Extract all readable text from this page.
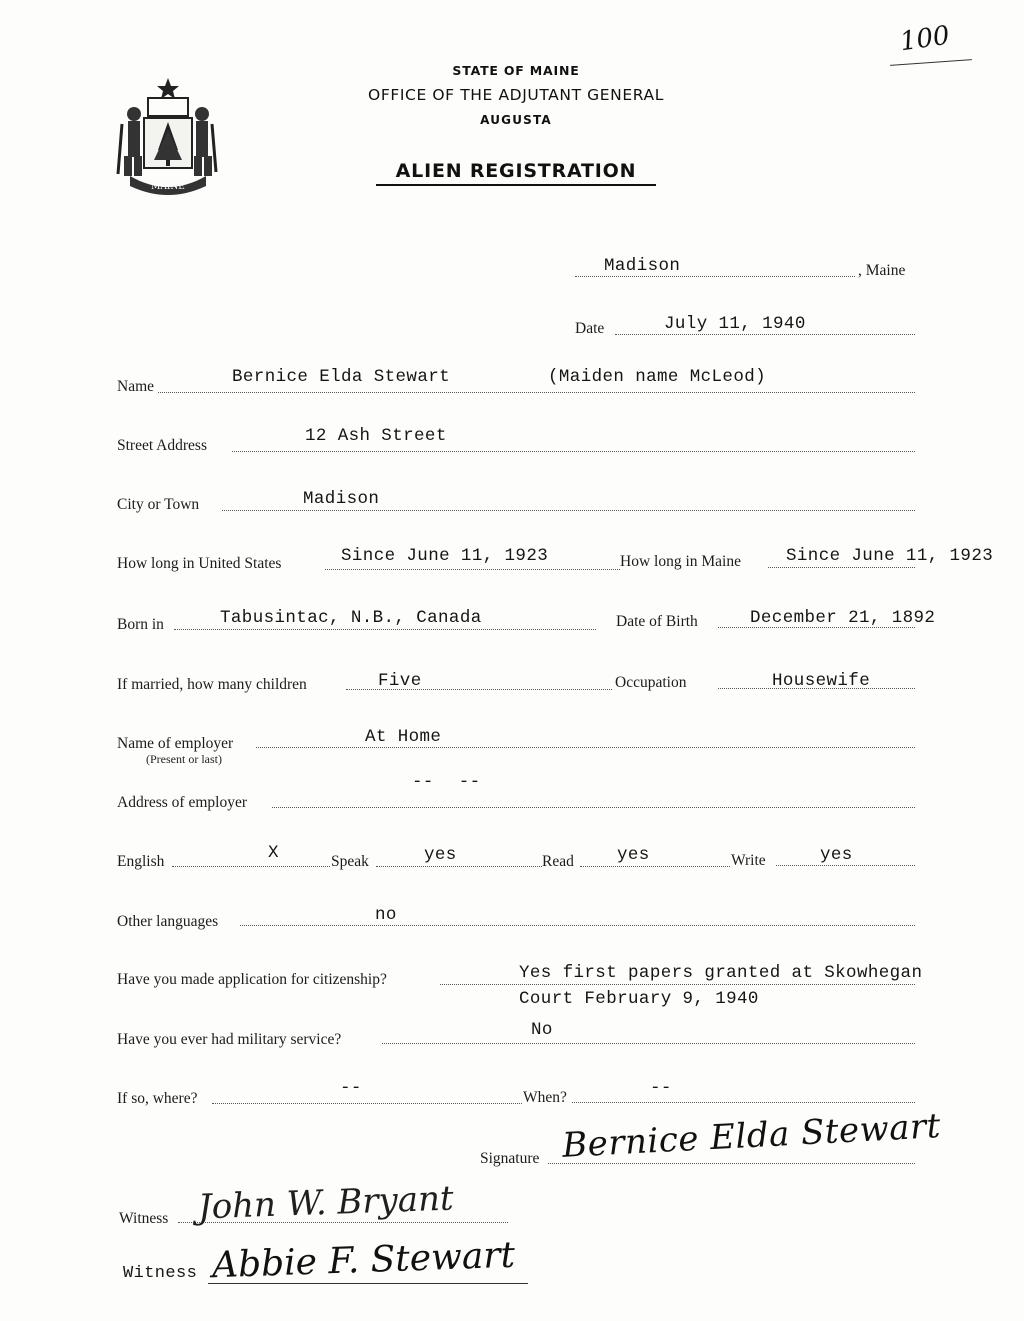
100
MAINE
STATE OF MAINE
OFFICE OF THE ADJUTANT GENERAL
AUGUSTA
ALIEN REGISTRATION
Madison	, Maine
Date	July 11, 1940
Name	Bernice Elda Stewart	(Maiden name McLeod)
Street Address	12 Ash Street
City or Town	Madison
How long in United States	Since June 11, 1923	How long in Maine	Since June 11, 1923
Born in	Tabusintac, N.B., Canada	Date of Birth	December 21, 1892
If married, how many children	Five	Occupation	Housewife
Name of employer
(Present or last)
At Home
Address of employer
-- --
English	X	Speak	yes	Read yes	Write	yes
Other languages	no
Have you made application for citizenship?	Yes first papers granted at Skowhegan
Court February 9, 1940
Have you ever had military service?	No
If so, where?
--	When?	--
Signature Bernice Elda Stewart
Witness John W. Bryant
Witness Abbie F. Stewart
